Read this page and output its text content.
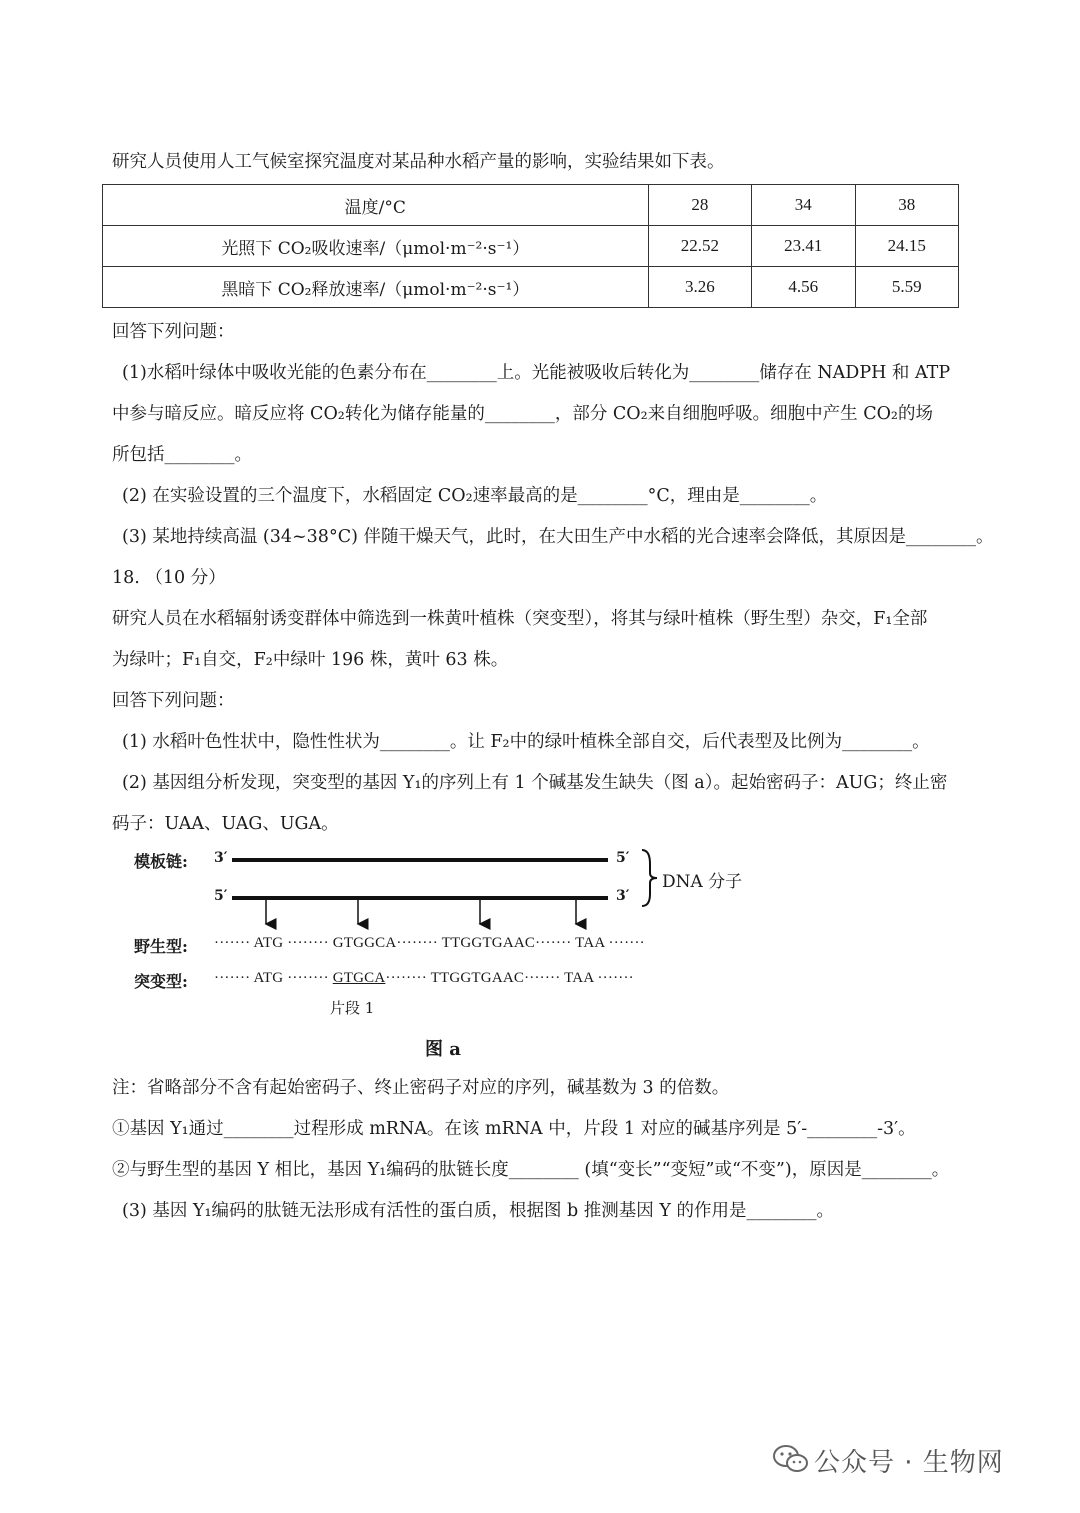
研究人员使用人工气候室探究温度对某品种水稻产量的影响，实验结果如下表。
温度/°C	28	34	38
光照下 CO₂吸收速率/（μmol·m⁻²·s⁻¹）	22.52	23.41	24.15
黑暗下 CO₂释放速率/（μmol·m⁻²·s⁻¹）	3.26	4.56	5.59
回答下列问题：
(1)水稻叶绿体中吸收光能的色素分布在________上。光能被吸收后转化为________储存在 NADPH 和 ATP
中参与暗反应。暗反应将 CO₂转化为储存能量的________，部分 CO₂来自细胞呼吸。细胞中产生 CO₂的场
所包括________。
(2) 在实验设置的三个温度下，水稻固定 CO₂速率最高的是________°C，理由是________。
(3) 某地持续高温 (34~38°C) 伴随干燥天气，此时，在大田生产中水稻的光合速率会降低，其原因是________。
18. （10 分）
研究人员在水稻辐射诱变群体中筛选到一株黄叶植株（突变型），将其与绿叶植株（野生型）杂交，F₁全部
为绿叶；F₁自交，F₂中绿叶 196 株，黄叶 63 株。
回答下列问题：
(1) 水稻叶色性状中，隐性性状为________。让 F₂中的绿叶植株全部自交，后代表型及比例为________。
(2) 基因组分析发现，突变型的基因 Y₁的序列上有 1 个碱基发生缺失（图 a）。起始密码子：AUG；终止密
码子：UAA、UAG、UGA。
模板链: 3′	5′
5′	3′
DNA 分子
野生型: ······· ATG ········ GTGGCA········ TTGGTGAAC······· TAA ·······
突变型: ······· ATG ········ GTGCA········ TTGGTGAAC······· TAA ·······
片段 1
图 a
注：省略部分不含有起始密码子、终止密码子对应的序列，碱基数为 3 的倍数。
①基因 Y₁通过________过程形成 mRNA。在该 mRNA 中，片段 1 对应的碱基序列是 5′-________-3′。
②与野生型的基因 Y 相比，基因 Y₁编码的肽链长度________ (填“变长”“变短”或“不变”)，原因是________。
(3) 基因 Y₁编码的肽链无法形成有活性的蛋白质，根据图 b 推测基因 Y 的作用是________。
公众号 · 生物网
